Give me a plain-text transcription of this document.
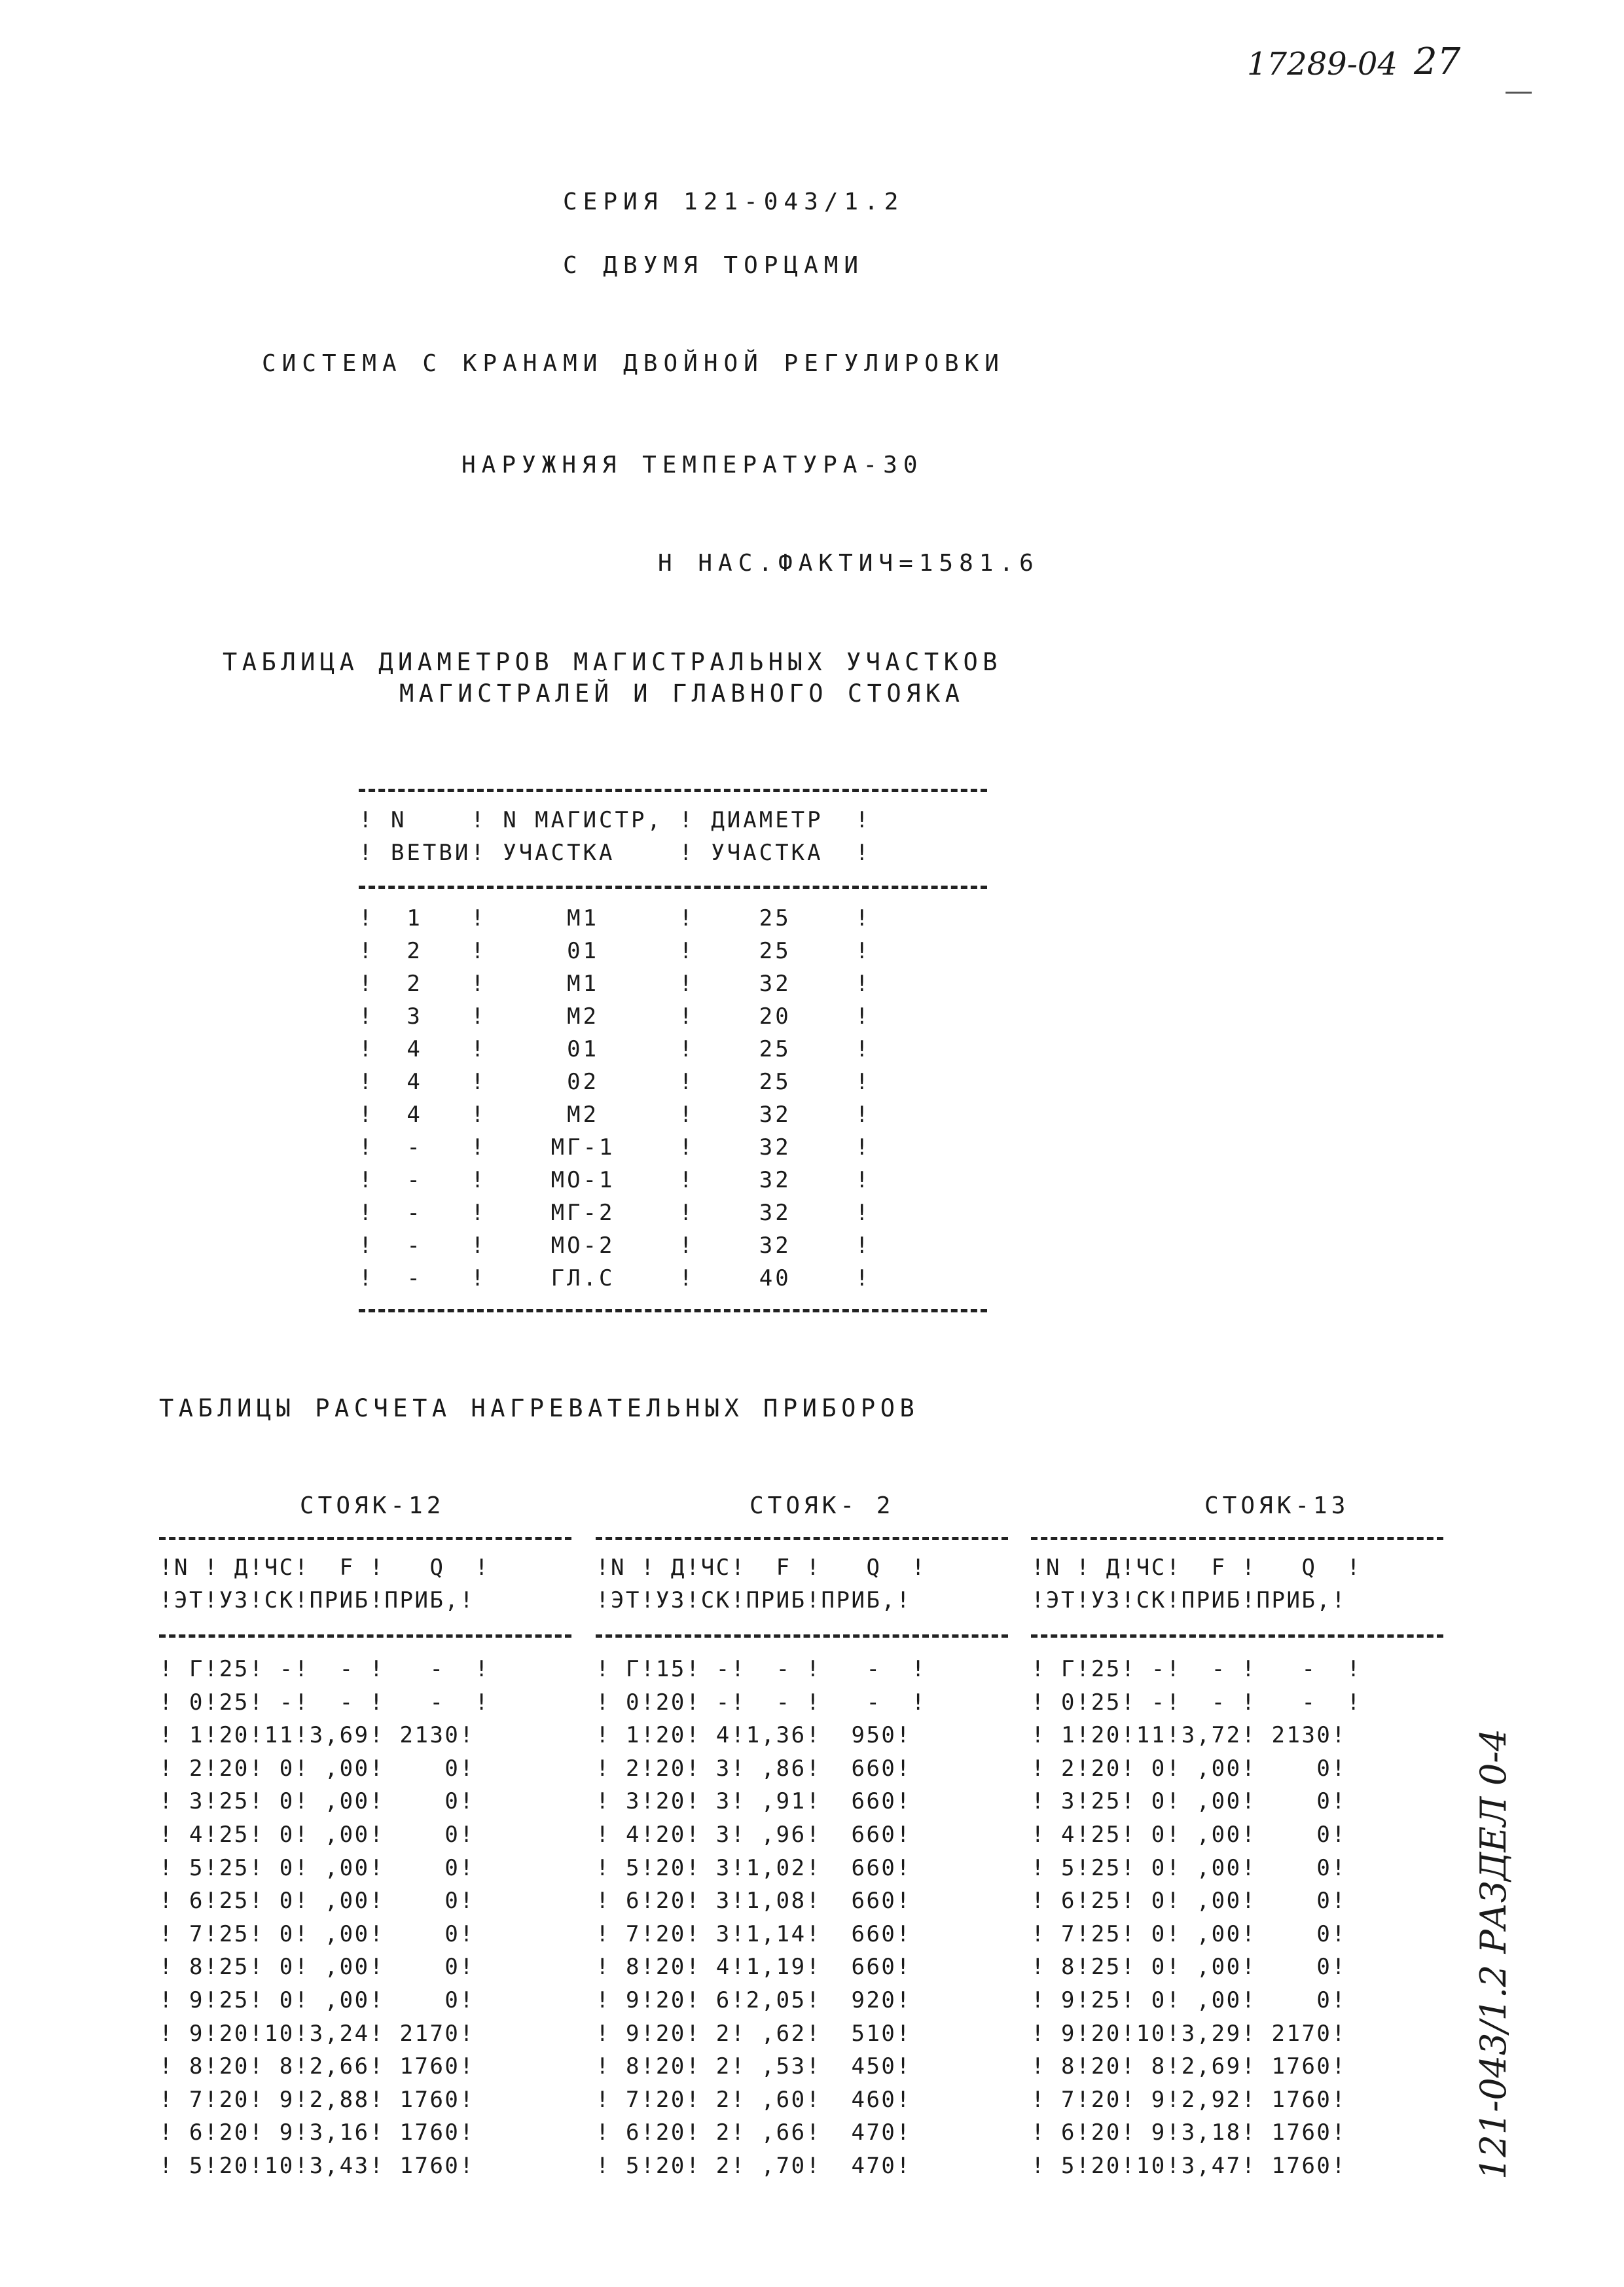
17289-04 27
121-043/1.2 РАЗДЕЛ 0-4
СЕРИЯ 121-043/1.2
С ДВУМЯ ТОРЦАМИ
СИСТЕМА С КРАНАМИ ДВОЙНОЙ РЕГУЛИРОВКИ
НАРУЖНЯЯ ТЕМПЕРАТУРА-30
Н НАС.ФАКТИЧ=1581.6
ТАБЛИЦА ДИАМЕТРОВ МАГИСТРАЛЬНЫХ УЧАСТКОВ
МАГИСТРАЛЕЙ И ГЛАВНОГО СТОЯКА
! N    ! N МАГИСТР, ! ДИАМЕТР  !
! ВЕТВИ! УЧАСТКА    ! УЧАСТКА  !
!  1   !     М1     !    25    !
!  2   !     01     !    25    !
!  2   !     М1     !    32    !
!  3   !     М2     !    20    !
!  4   !     01     !    25    !
!  4   !     02     !    25    !
!  4   !     М2     !    32    !
!  -   !    МГ-1    !    32    !
!  -   !    МО-1    !    32    !
!  -   !    МГ-2    !    32    !
!  -   !    МО-2    !    32    !
!  -   !    ГЛ.С    !    40    !
ТАБЛИЦЫ РАСЧЕТА НАГРЕВАТЕЛЬНЫХ ПРИБОРОВ
СТОЯК-12
!N ! Д!ЧС!  F !   Q  !
!ЭТ!УЗ!СК!ПРИБ!ПРИБ,!
! Г!25! -!  - !   -  !
! 0!25! -!  - !   -  !
! 1!20!11!3,69! 2130!
! 2!20! 0! ,00!    0!
! 3!25! 0! ,00!    0!
! 4!25! 0! ,00!    0!
! 5!25! 0! ,00!    0!
! 6!25! 0! ,00!    0!
! 7!25! 0! ,00!    0!
! 8!25! 0! ,00!    0!
! 9!25! 0! ,00!    0!
! 9!20!10!3,24! 2170!
! 8!20! 8!2,66! 1760!
! 7!20! 9!2,88! 1760!
! 6!20! 9!3,16! 1760!
! 5!20!10!3,43! 1760!
СТОЯК- 2
!N ! Д!ЧС!  F !   Q  !
!ЭТ!УЗ!СК!ПРИБ!ПРИБ,!
! Г!15! -!  - !   -  !
! 0!20! -!  - !   -  !
! 1!20! 4!1,36!  950!
! 2!20! 3! ,86!  660!
! 3!20! 3! ,91!  660!
! 4!20! 3! ,96!  660!
! 5!20! 3!1,02!  660!
! 6!20! 3!1,08!  660!
! 7!20! 3!1,14!  660!
! 8!20! 4!1,19!  660!
! 9!20! 6!2,05!  920!
! 9!20! 2! ,62!  510!
! 8!20! 2! ,53!  450!
! 7!20! 2! ,60!  460!
! 6!20! 2! ,66!  470!
! 5!20! 2! ,70!  470!
СТОЯК-13
!N ! Д!ЧС!  F !   Q  !
!ЭТ!УЗ!СК!ПРИБ!ПРИБ,!
! Г!25! -!  - !   -  !
! 0!25! -!  - !   -  !
! 1!20!11!3,72! 2130!
! 2!20! 0! ,00!    0!
! 3!25! 0! ,00!    0!
! 4!25! 0! ,00!    0!
! 5!25! 0! ,00!    0!
! 6!25! 0! ,00!    0!
! 7!25! 0! ,00!    0!
! 8!25! 0! ,00!    0!
! 9!25! 0! ,00!    0!
! 9!20!10!3,29! 2170!
! 8!20! 8!2,69! 1760!
! 7!20! 9!2,92! 1760!
! 6!20! 9!3,18! 1760!
! 5!20!10!3,47! 1760!
